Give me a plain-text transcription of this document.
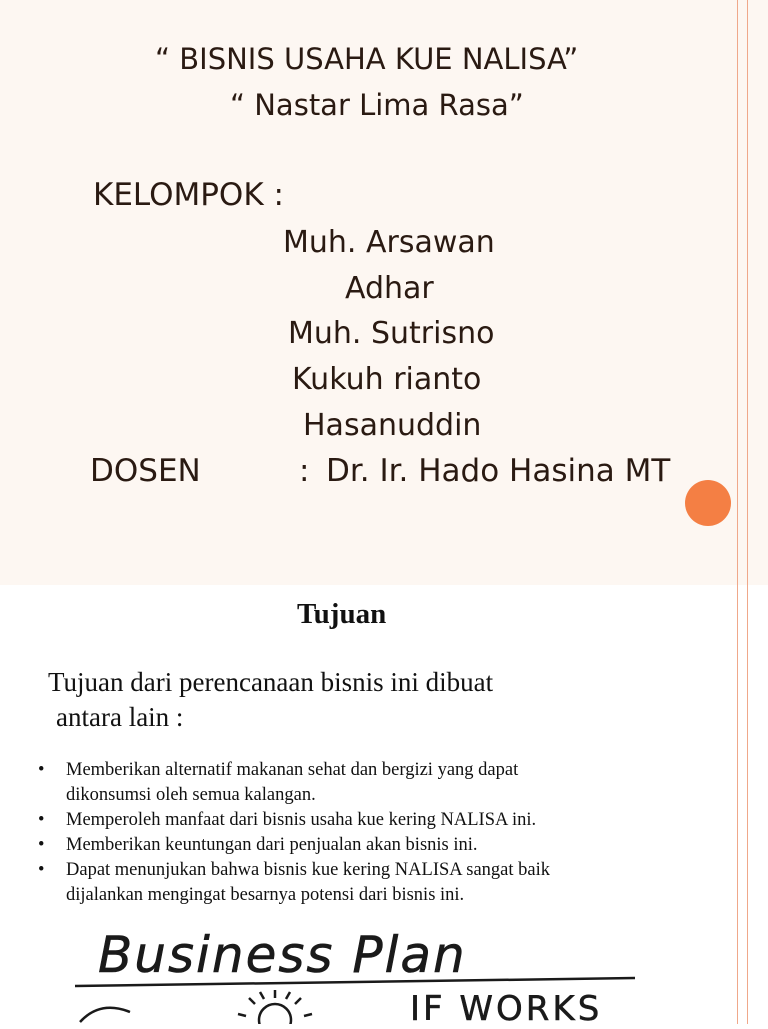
“ BISNIS USAHA KUE NALISA”
“ Nastar Lima Rasa”
KELOMPOK :
Muh. Arsawan
Adhar
Muh. Sutrisno
Kukuh rianto
Hasanuddin
DOSEN	: Dr. Ir. Hado Hasina MT
Tujuan
Tujuan dari perencanaan bisnis ini dibuat
antara lain :
• Memberikan alternatif makanan sehat dan bergizi yang dapat
dikonsumsi oleh semua kalangan.
• Memperoleh manfaat dari bisnis usaha kue kering NALISA ini.
• Memberikan keuntungan dari penjualan akan bisnis ini.
• Dapat menunjukan bahwa bisnis kue kering NALISA sangat baik
dijalankan mengingat besarnya potensi dari bisnis ini.
Business Plan
IF WORKS
